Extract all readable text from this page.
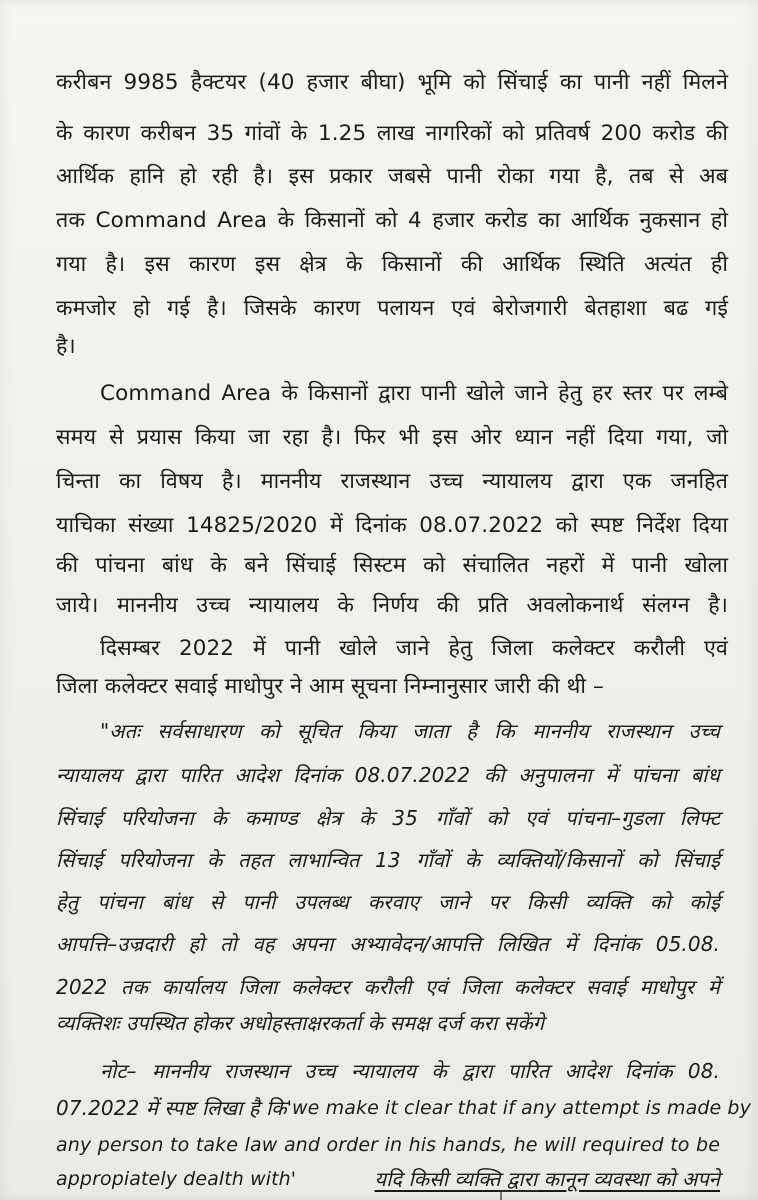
करीबन 9985 हैक्टयर (40 हजार बीघा) भूमि को सिंचाई का पानी नहीं मिलने
के कारण करीबन 35 गांवों के 1.25 लाख नागरिकों को प्रतिवर्ष 200 करोड की
आर्थिक हानि हो रही है। इस प्रकार जबसे पानी रोका गया है, तब से अब
तक Command Area के किसानों को 4 हजार करोड का आर्थिक नुकसान हो
गया है। इस कारण इस क्षेत्र के किसानों की आर्थिक स्थिति अत्यंत ही
कमजोर हो गई है। जिसके कारण पलायन एवं बेरोजगारी बेतहाशा बढ गई
है।
Command Area के किसानों द्वारा पानी खोले जाने हेतु हर स्तर पर लम्बे
समय से प्रयास किया जा रहा है। फिर भी इस ओर ध्यान नहीं दिया गया, जो
चिन्ता का विषय है। माननीय राजस्थान उच्च न्यायालय द्वारा एक जनहित
याचिका संख्या 14825/2020 में दिनांक 08.07.2022 को स्पष्ट निर्देश दिया
की पांचना बांध के बने सिंचाई सिस्टम को संचालित नहरों में पानी खोला
जाये। माननीय उच्च न्यायालय के निर्णय की प्रति अवलोकनार्थ संलग्न है।
दिसम्बर 2022 में पानी खोले जाने हेतु जिला कलेक्टर करौली एवं
जिला कलेक्टर सवाई माधोपुर ने आम सूचना निम्नानुसार जारी की थी –
"अतः सर्वसाधारण को सूचित किया जाता है कि माननीय राजस्थान उच्च
न्यायालय द्वारा पारित आदेश दिनांक 08.07.2022 की अनुपालना में पांचना बांध
सिंचाई परियोजना के कमाण्ड क्षेत्र के 35 गाँवों को एवं पांचना–गुडला लिफ्ट
सिंचाई परियोजना के तहत लाभान्वित 13 गाँवों के व्यक्तियों/किसानों को सिंचाई
हेतु पांचना बांध से पानी उपलब्ध करवाए जाने पर किसी व्यक्ति को कोई
आपत्ति–उज्रदारी हो तो वह अपना अभ्यावेदन/आपत्ति लिखित में दिनांक 05.08.
2022 तक कार्यालय जिला कलेक्टर करौली एवं जिला कलेक्टर सवाई माधोपुर में
व्यक्तिशः उपस्थित होकर अधोहस्ताक्षरकर्ता के समक्ष दर्ज करा सकेंगे
नोट– माननीय राजस्थान उच्च न्यायालय के द्वारा पारित आदेश दिनांक 08.
07.2022 में स्पष्ट लिखा है कि 'we make it clear that if any attempt is made by
any person to take law and order in his hands, he will required to be
appropiately dealth with'	यदि किसी व्यक्ति द्वारा कानून व्यवस्था को अपने
